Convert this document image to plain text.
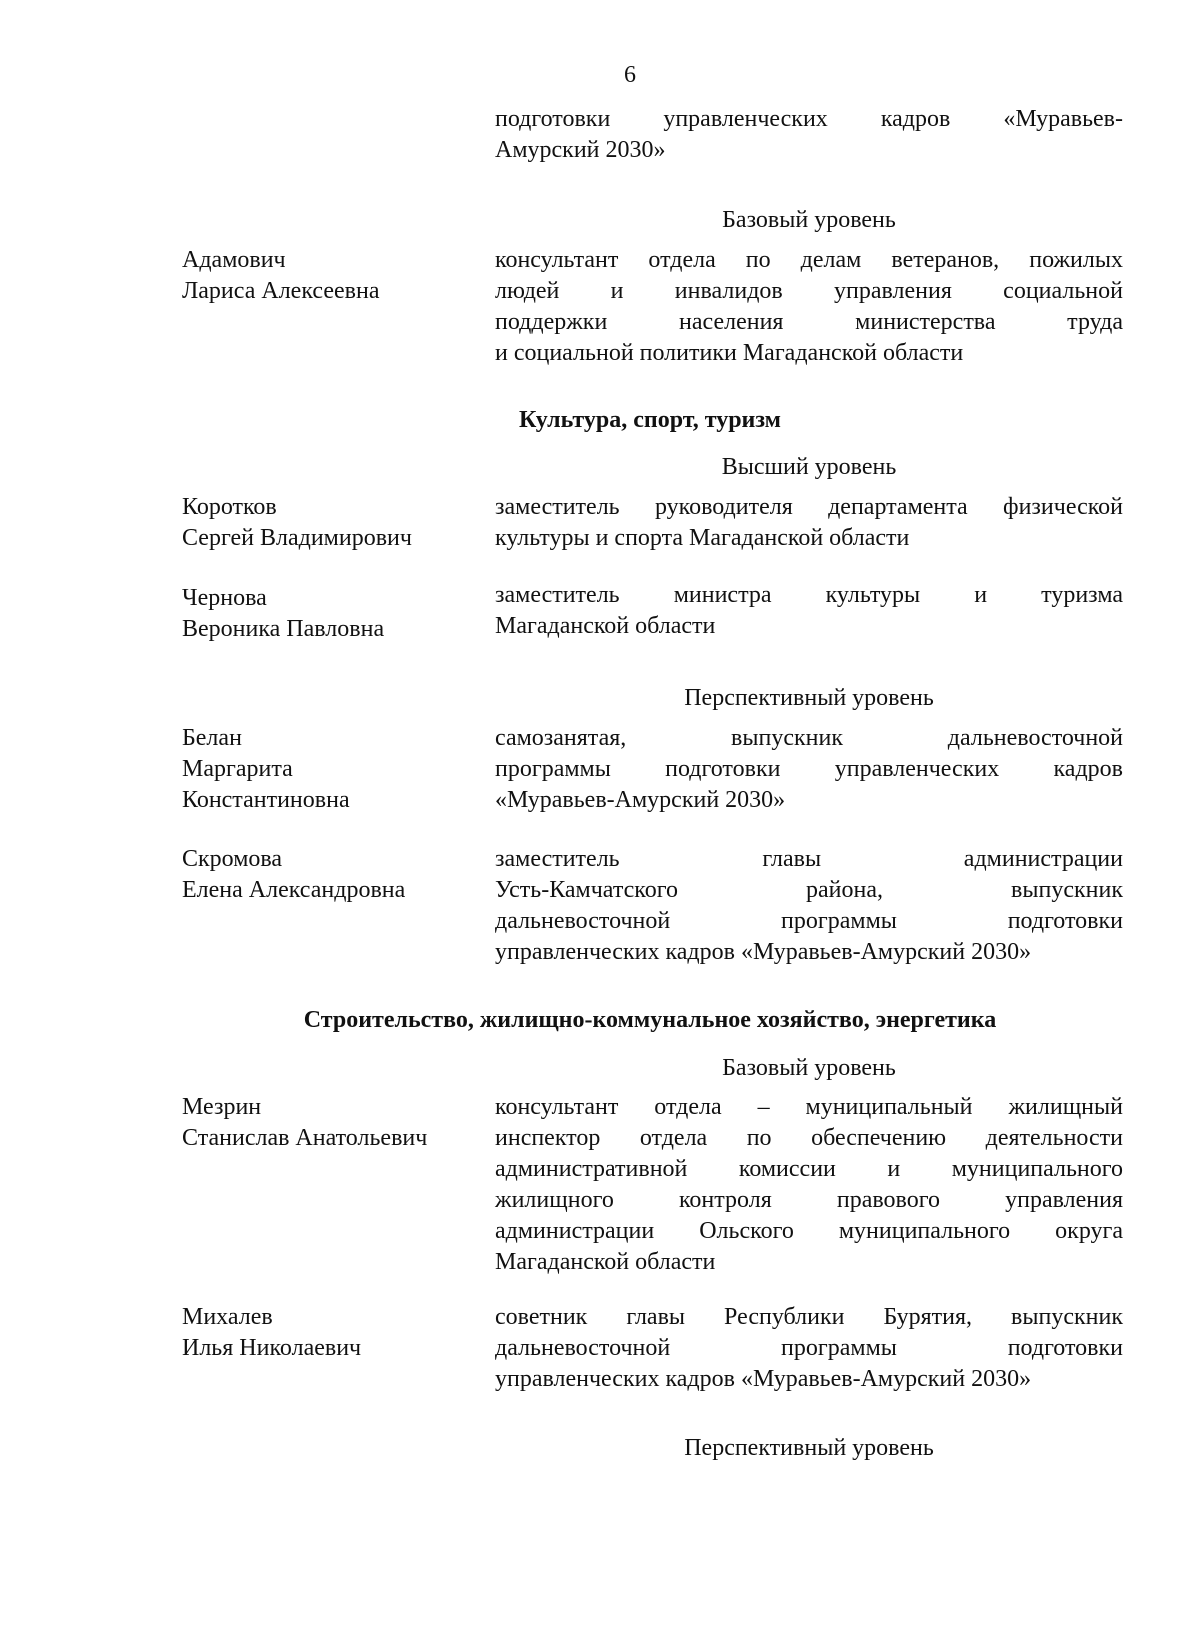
6
подготовки управленческих кадров «Муравьев-
Амурский 2030»
Базовый уровень
Адамович
Лариса Алексеевна
консультант отдела по делам ветеранов, пожилых
людей и инвалидов управления социальной
поддержки населения министерства труда
и социальной политики Магаданской области
Культура, спорт, туризм
Высший уровень
Коротков
Сергей Владимирович
заместитель руководителя департамента физической
культуры и спорта Магаданской области
Чернова
Вероника Павловна
заместитель министра культуры и туризма
Магаданской области
Перспективный уровень
Белан
Маргарита
Константиновна
самозанятая, выпускник дальневосточной
программы подготовки управленческих кадров
«Муравьев-Амурский 2030»
Скромова
Елена Александровна
заместитель главы администрации
Усть-Камчатского района, выпускник
дальневосточной программы подготовки
управленческих кадров «Муравьев-Амурский 2030»
Строительство, жилищно-коммунальное хозяйство, энергетика
Базовый уровень
Мезрин
Станислав Анатольевич
консультант отдела – муниципальный жилищный
инспектор отдела по обеспечению деятельности
административной комиссии и муниципального
жилищного контроля правового управления
администрации Ольского муниципального округа
Магаданской области
Михалев
Илья Николаевич
советник главы Республики Бурятия, выпускник
дальневосточной программы подготовки
управленческих кадров «Муравьев-Амурский 2030»
Перспективный уровень
